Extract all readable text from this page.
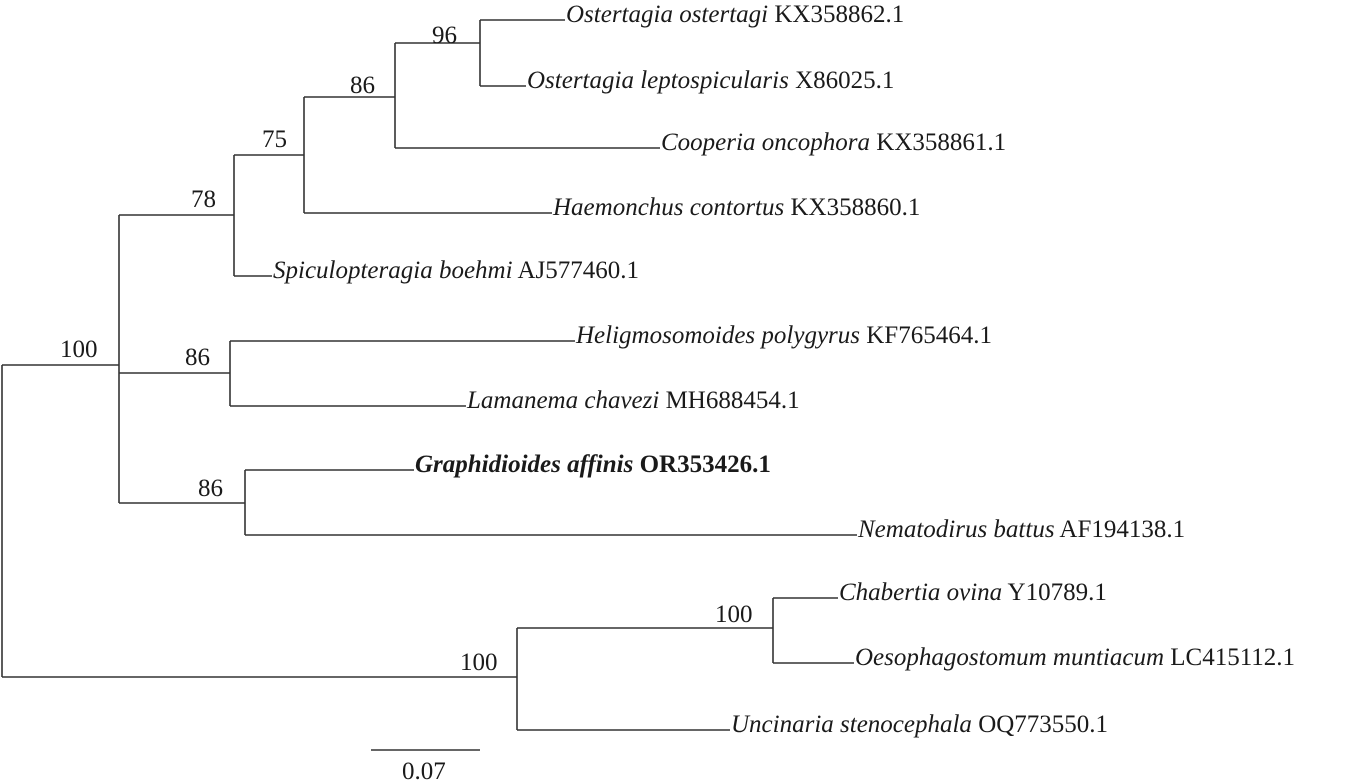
Ostertagia ostertagi KX358862.1
Ostertagia leptospicularis X86025.1
Cooperia oncophora KX358861.1
Haemonchus contortus KX358860.1
Spiculopteragia boehmi AJ577460.1
Heligmosomoides polygyrus KF765464.1
Lamanema chavezi MH688454.1
Graphidioides affinis OR353426.1
Nematodirus battus AF194138.1
Chabertia ovina Y10789.1
Oesophagostomum muntiacum LC415112.1
Uncinaria stenocephala OQ773550.1
96
86
75
78
86
86
100
100
100
0.07
